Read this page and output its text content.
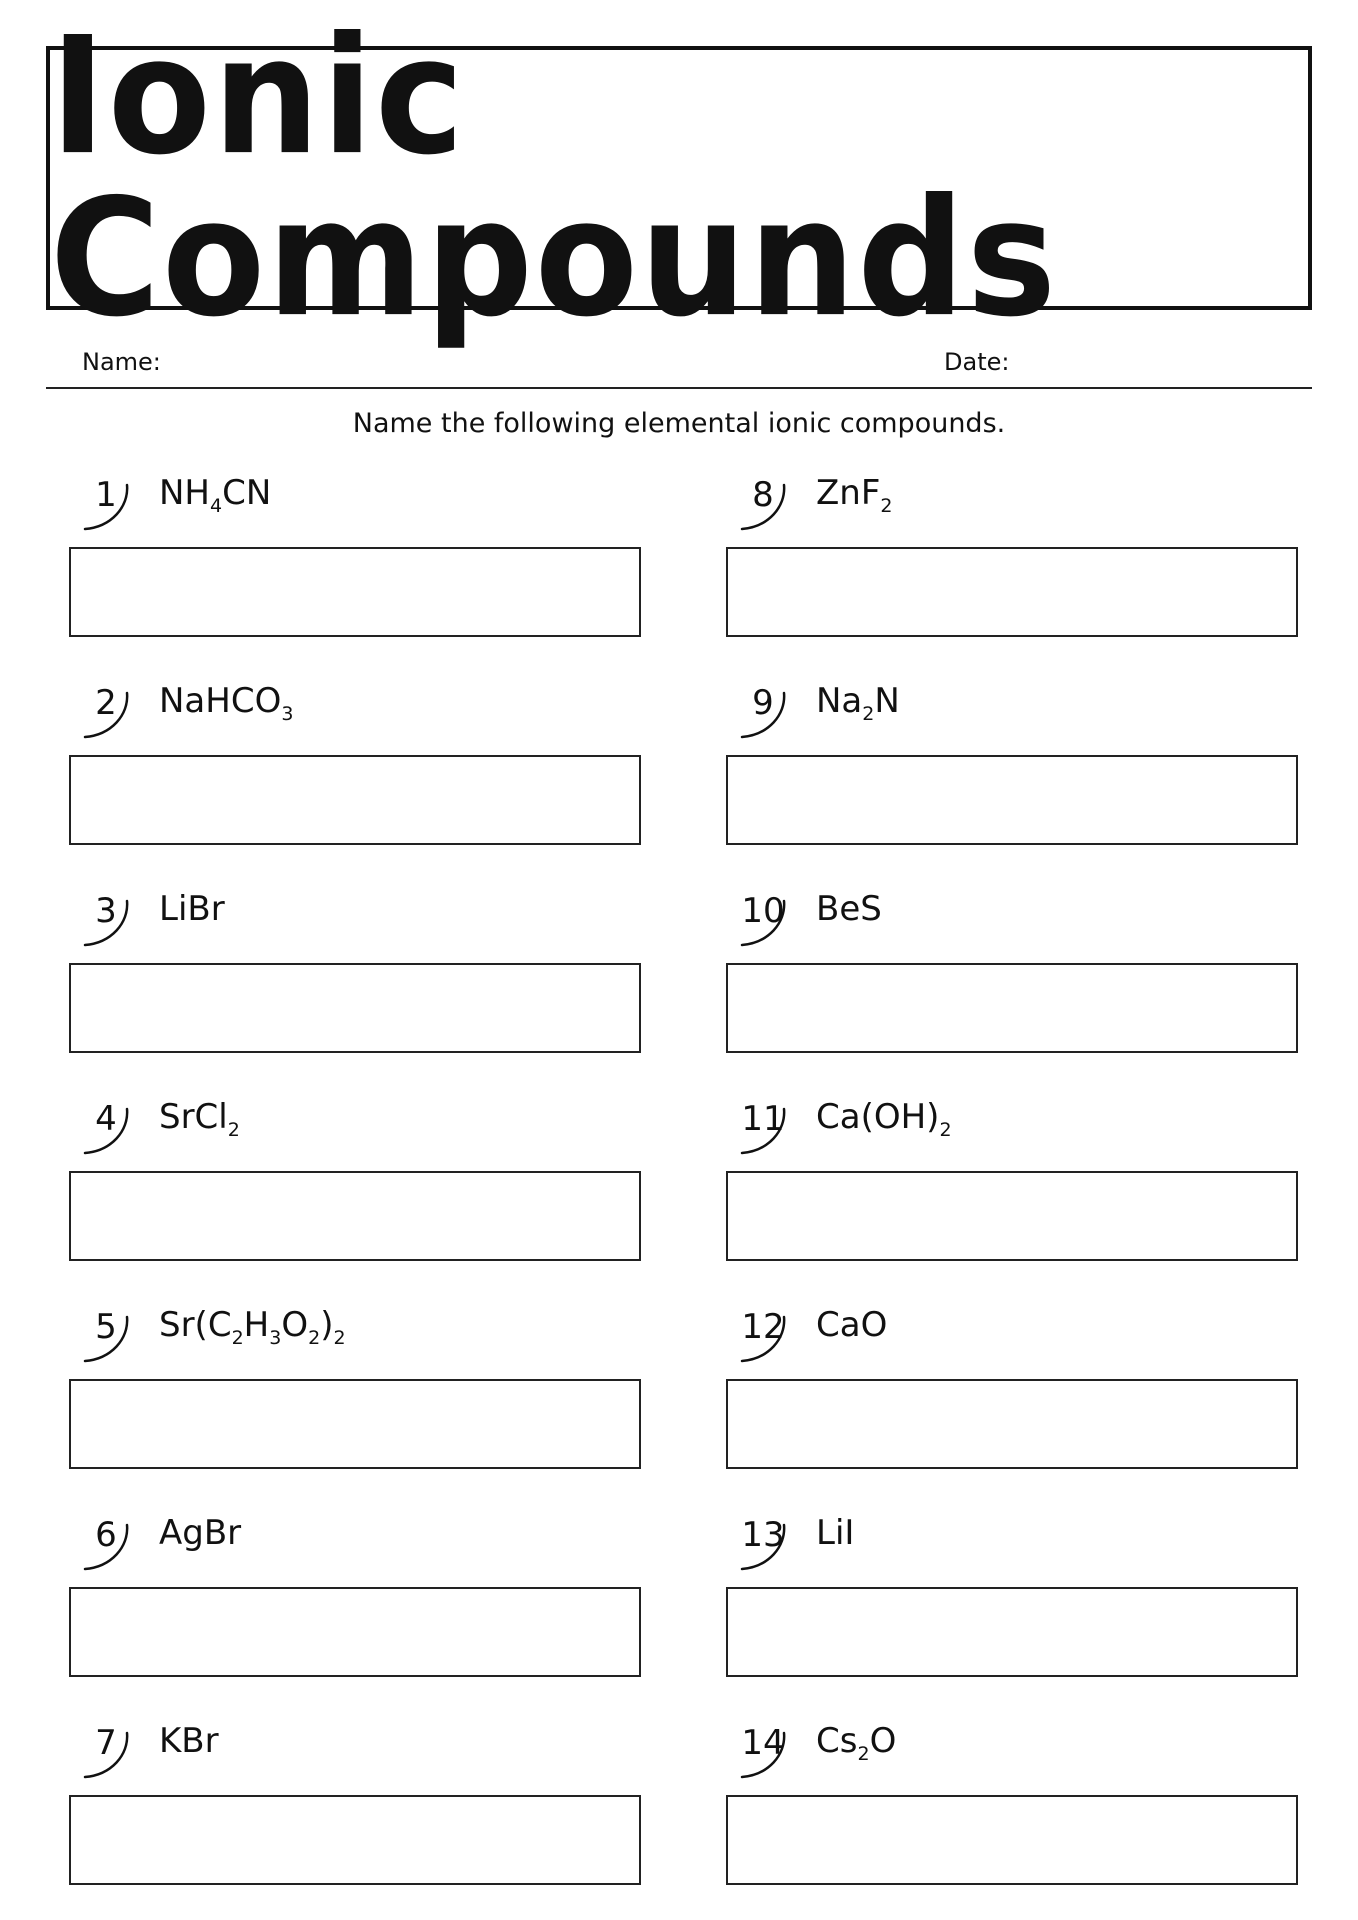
Ionic Compounds
Name:	Date:
Name the following elemental ionic compounds.
1	$NH_4CN$
2	NaHCO$_3$
3	LiBr
4	SrCl$_2$
5	$Sr(C_2H_3O_2)_2$
6	AgBr
7	KBr
8	ZnF$_2$
9	$Na_2N$
10 BeS
11 $Ca(OH)_2$
12 CaO
13 LiI
14 $Cs_2O$
